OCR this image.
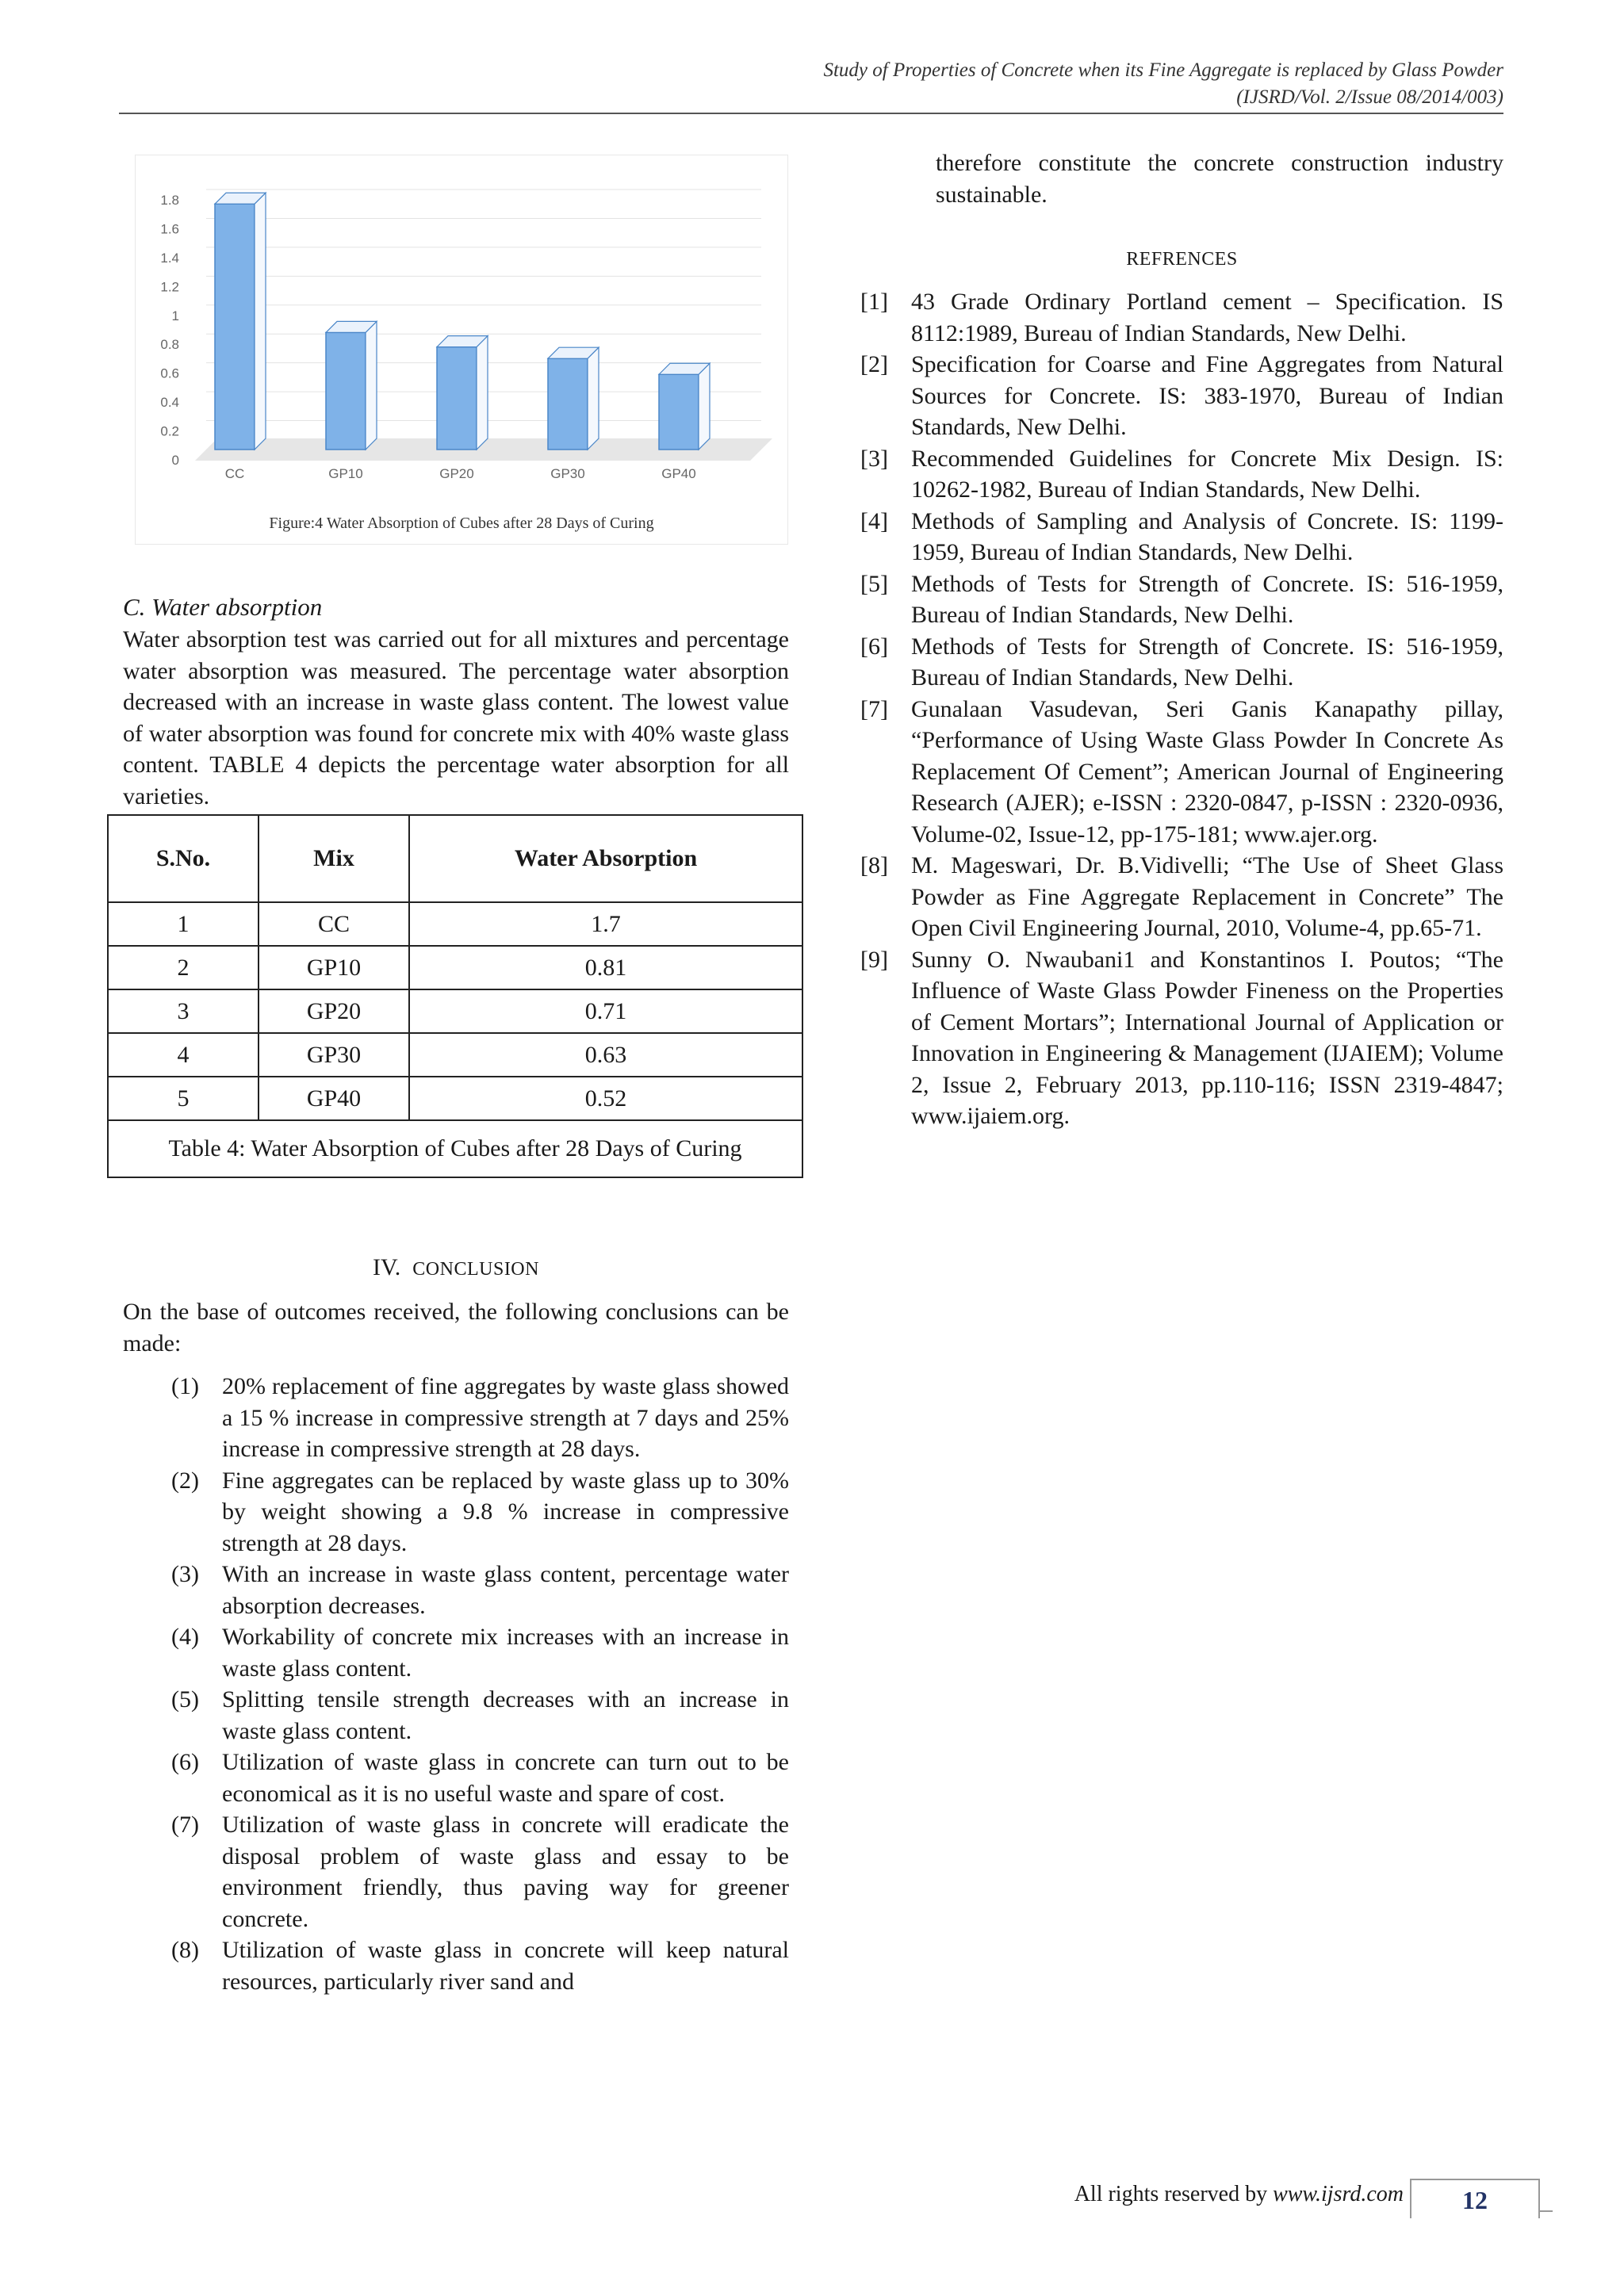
Study of Properties of Concrete when its Fine Aggregate is replaced by Glass Powder
(IJSRD/Vol. 2/Issue 08/2014/003)
0
0.2
0.4
0.6
0.8
1
1.2
1.4
1.6
1.8
CC	GP10	GP20	GP30	GP40
Figure:4 Water Absorption of Cubes after 28 Days of Curing
C. Water absorption
Water absorption test was carried out for all mixtures and percentage water absorption was measured. The percentage water absorption decreased with an increase in waste glass content. The lowest value of water absorption was found for concrete mix with 40% waste glass content. TABLE 4 depicts the percentage water absorption for all varieties.
S.No.	Mix	Water Absorption
1	CC	1.7
2	GP10	0.81
3	GP20	0.71
4	GP30	0.63
5	GP40	0.52
Table 4: Water Absorption of Cubes after 28 Days of Curing		
IV. CONCLUSION
On the base of outcomes received, the following conclusions can be made:
(1) 20% replacement of fine aggregates by waste glass showed a 15 % increase in compressive strength at 7 days and 25% increase in compressive strength at 28 days.
(2) Fine aggregates can be replaced by waste glass up to 30% by weight showing a 9.8 % increase in compressive strength at 28 days.
(3) With an increase in waste glass content, percentage water absorption decreases.
(4) Workability of concrete mix increases with an increase in waste glass content.
(5) Splitting tensile strength decreases with an increase in waste glass content.
(6) Utilization of waste glass in concrete can turn out to be economical as it is no useful waste and spare of cost.
(7) Utilization of waste glass in concrete will eradicate the disposal problem of waste glass and essay to be environment friendly, thus paving way for greener concrete.
(8) Utilization of waste glass in concrete will keep natural resources, particularly river sand and
therefore constitute the concrete construction industry sustainable.
REFRENCES
[1] 43 Grade Ordinary Portland cement – Specification. IS 8112:1989, Bureau of Indian Standards, New Delhi.
[2] Specification for Coarse and Fine Aggregates from Natural Sources for Concrete. IS: 383-1970, Bureau of Indian Standards, New Delhi.
[3] Recommended Guidelines for Concrete Mix Design. IS: 10262-1982, Bureau of Indian Standards, New Delhi.
[4] Methods of Sampling and Analysis of Concrete. IS: 1199-1959, Bureau of Indian Standards, New Delhi.
[5] Methods of Tests for Strength of Concrete. IS: 516-1959, Bureau of Indian Standards, New Delhi.
[6] Methods of Tests for Strength of Concrete. IS: 516-1959, Bureau of Indian Standards, New Delhi.
[7] Gunalaan Vasudevan, Seri Ganis Kanapathy pillay, “Performance of Using Waste Glass Powder In Concrete As Replacement Of Cement”; American Journal of Engineering Research (AJER); e-ISSN : 2320-0847, p-ISSN : 2320-0936, Volume-02, Issue-12, pp-175-181; www.ajer.org.
[8] M. Mageswari, Dr. B.Vidivelli; “The Use of Sheet Glass Powder as Fine Aggregate Replacement in Concrete” The Open Civil Engineering Journal, 2010, Volume-4, pp.65-71.
[9] Sunny O. Nwaubani1 and Konstantinos I. Poutos; “The Influence of Waste Glass Powder Fineness on the Properties of Cement Mortars”; International Journal of Application or Innovation in Engineering & Management (IJAIEM); Volume 2, Issue 2, February 2013, pp.110-116; ISSN 2319-4847; www.ijaiem.org.
All rights reserved by www.ijsrd.com	12
